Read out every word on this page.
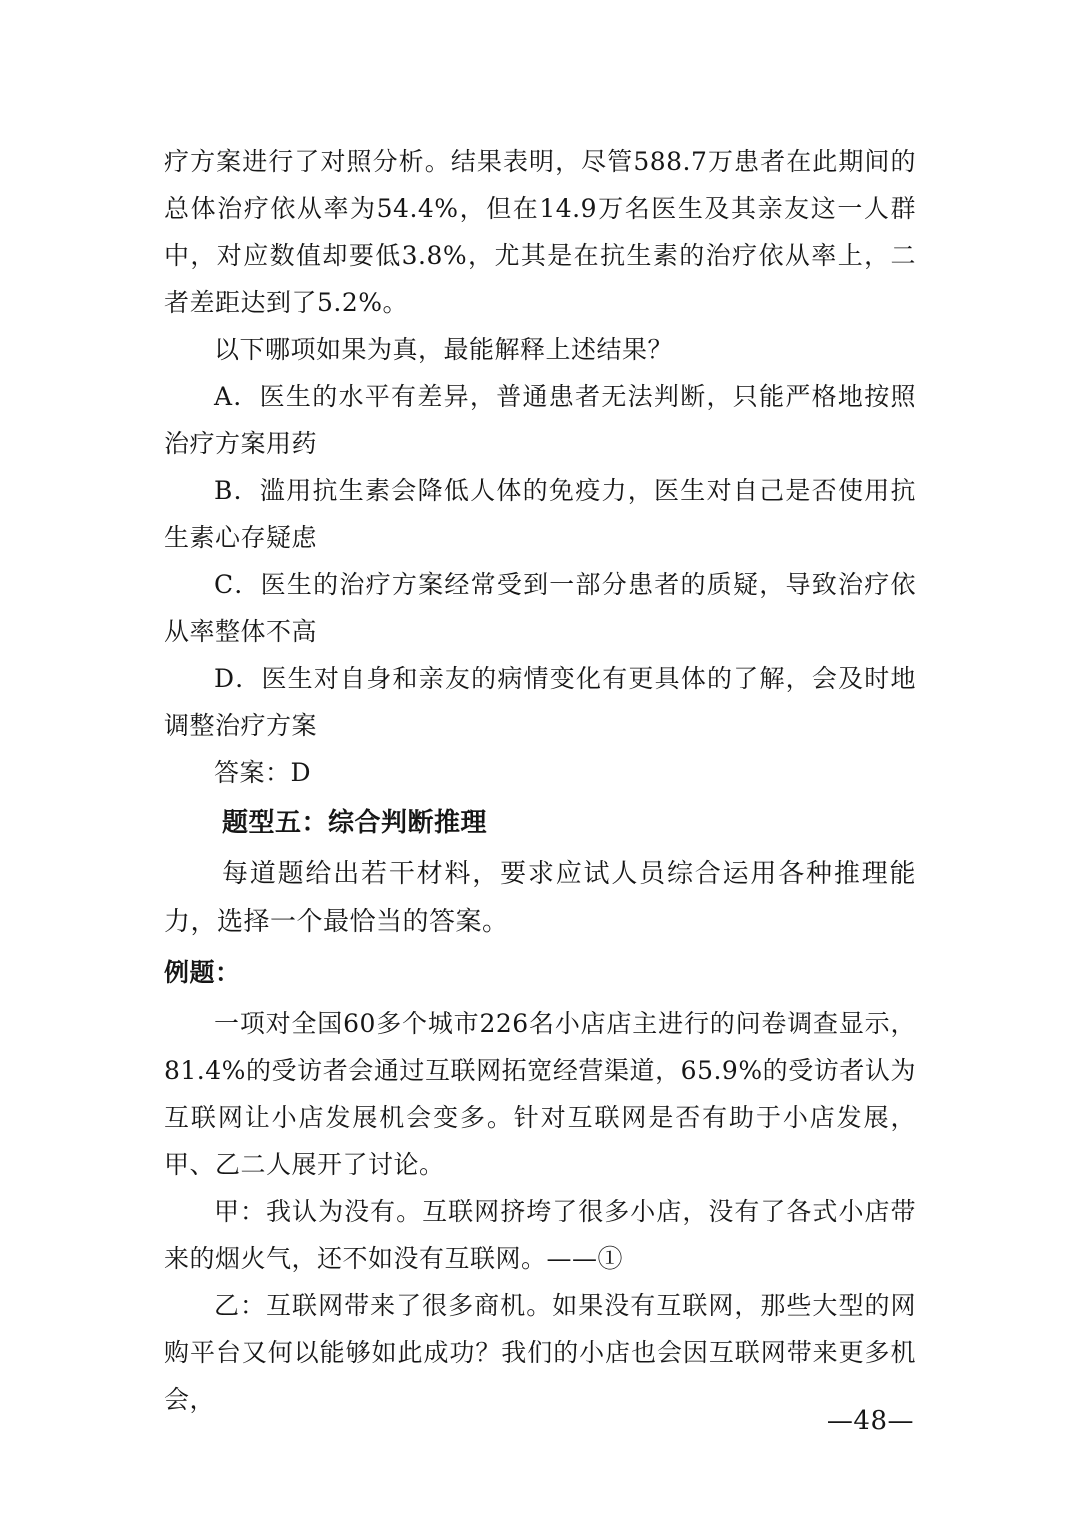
疗方案进行了对照分析。结果表明，尽管588.7万患者在此期间的总体治疗依从率为54.4%，但在14.9万名医生及其亲友这一人群中，对应数值却要低3.8%，尤其是在抗生素的治疗依从率上，二者差距达到了5.2%。

以下哪项如果为真，最能解释上述结果？

A．医生的水平有差异，普通患者无法判断，只能严格地按照治疗方案用药

B．滥用抗生素会降低人体的免疫力，医生对自己是否使用抗生素心存疑虑

C．医生的治疗方案经常受到一部分患者的质疑，导致治疗依从率整体不高

D．医生对自身和亲友的病情变化有更具体的了解，会及时地调整治疗方案

答案：D

题型五：综合判断推理

每道题给出若干材料，要求应试人员综合运用各种推理能力，选择一个最恰当的答案。

例题：

一项对全国60多个城市226名小店店主进行的问卷调查显示，81.4%的受访者会通过互联网拓宽经营渠道，65.9%的受访者认为互联网让小店发展机会变多。针对互联网是否有助于小店发展，甲、乙二人展开了讨论。

甲：我认为没有。互联网挤垮了很多小店，没有了各式小店带来的烟火气，还不如没有互联网。——①

乙：互联网带来了很多商机。如果没有互联网，那些大型的网购平台又何以能够如此成功？我们的小店也会因互联网带来更多机会，

—48—
